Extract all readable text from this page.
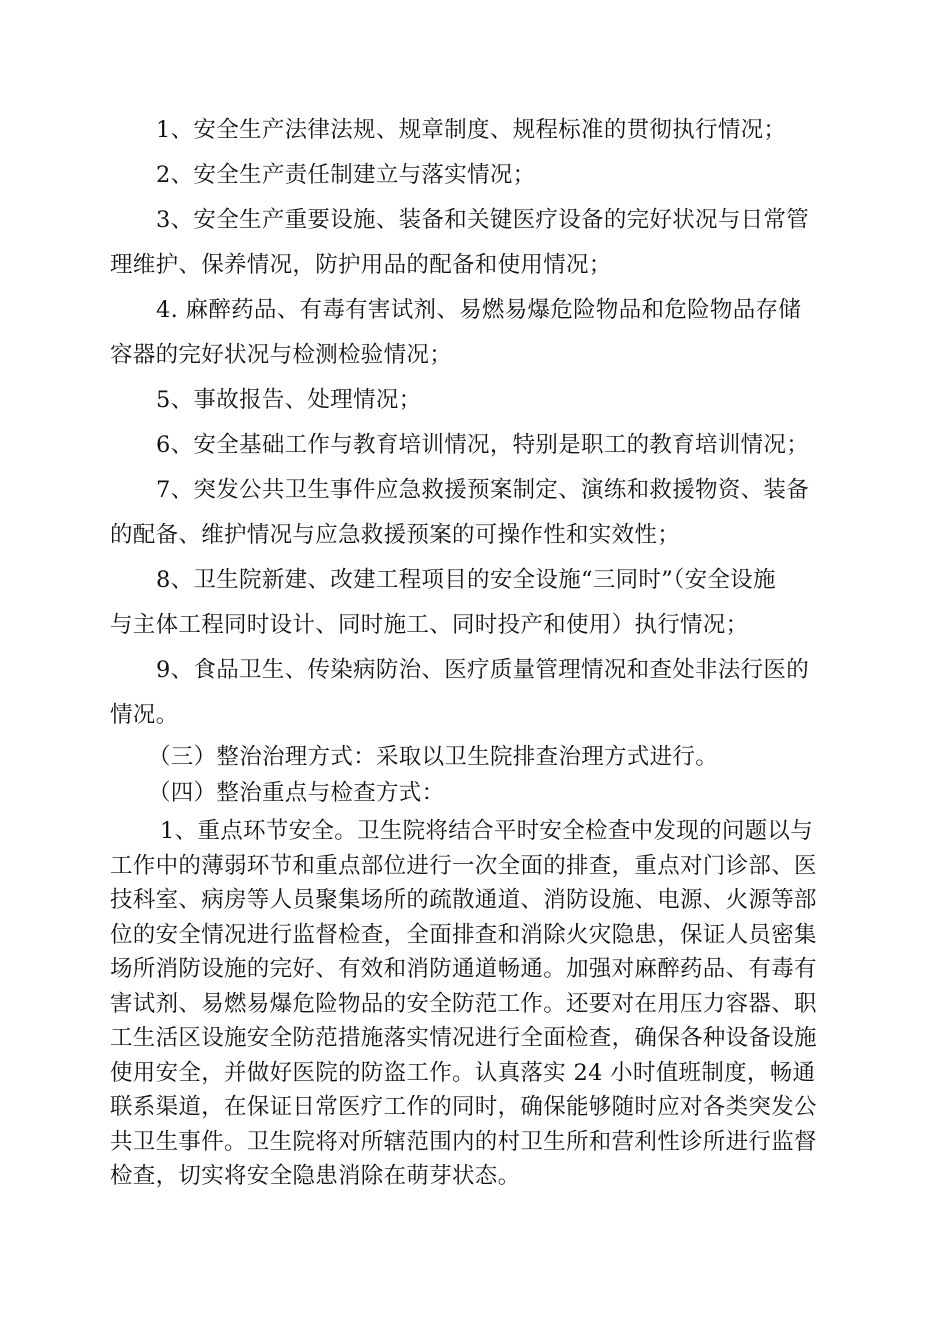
1、安全生产法律法规、规章制度、规程标准的贯彻执行情况；
2、安全生产责任制建立与落实情况；
3、安全生产重要设施、装备和关键医疗设备的完好状况与日常管
理维护、保养情况，防护用品的配备和使用情况；
4. 麻醉药品、有毒有害试剂、易燃易爆危险物品和危险物品存储
容器的完好状况与检测检验情况；
5、事故报告、处理情况；
6、安全基础工作与教育培训情况，特别是职工的教育培训情况；
7、突发公共卫生事件应急救援预案制定、演练和救援物资、装备
的配备、维护情况与应急救援预案的可操作性和实效性；
8、卫生院新建、改建工程项目的安全设施“三同时”（安全设施
与主体工程同时设计、同时施工、同时投产和使用）执行情况；
9、食品卫生、传染病防治、医疗质量管理情况和查处非法行医的
情况。
（三）整治治理方式：采取以卫生院排查治理方式进行。
（四）整治重点与检查方式：
1、重点环节安全。卫生院将结合平时安全检查中发现的问题以与
工作中的薄弱环节和重点部位进行一次全面的排查，重点对门诊部、医
技科室、病房等人员聚集场所的疏散通道、消防设施、电源、火源等部
位的安全情况进行监督检查，全面排查和消除火灾隐患，保证人员密集
场所消防设施的完好、有效和消防通道畅通。加强对麻醉药品、有毒有
害试剂、易燃易爆危险物品的安全防范工作。还要对在用压力容器、职
工生活区设施安全防范措施落实情况进行全面检查，确保各种设备设施
使用安全，并做好医院的防盗工作。认真落实 24 小时值班制度，畅通
联系渠道，在保证日常医疗工作的同时，确保能够随时应对各类突发公
共卫生事件。卫生院将对所辖范围内的村卫生所和营利性诊所进行监督
检查，切实将安全隐患消除在萌芽状态。
